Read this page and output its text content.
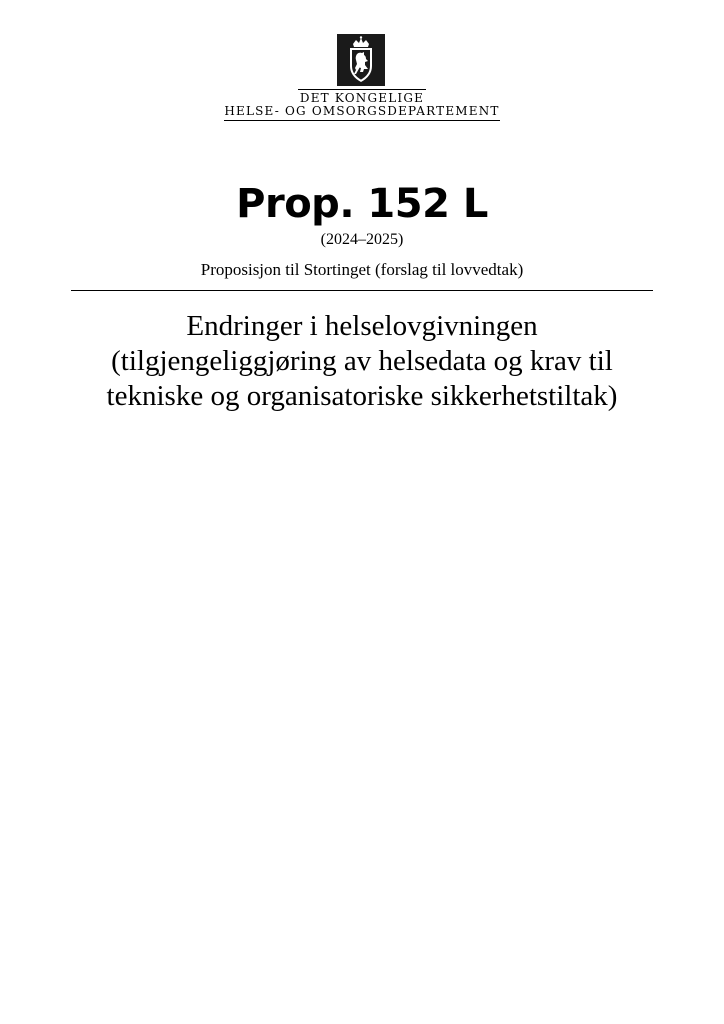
DET KONGELIGE
HELSE- OG OMSORGSDEPARTEMENT
Prop. 152 L
(2024–2025)
Proposisjon til Stortinget (forslag til lovvedtak)
Endringer i helselovgivningen
(tilgjengeliggjøring av helsedata og krav til
tekniske og organisatoriske sikkerhetstiltak)
